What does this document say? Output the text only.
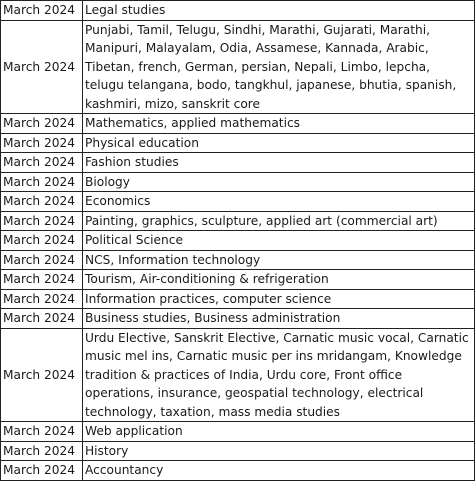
March 2024	Legal studies
March 2024	Punjabi, Tamil, Telugu, Sindhi, Marathi, Gujarati, Marathi, Manipuri, Malayalam, Odia, Assamese, Kannada, Arabic, Tibetan, french, German, persian, Nepali, Limbo, lepcha, telugu telangana, bodo, tangkhul, japanese, bhutia, spanish, kashmiri, mizo, sanskrit core
March 2024	Mathematics, applied mathematics
March 2024	Physical education
March 2024	Fashion studies
March 2024	Biology
March 2024	Economics
March 2024	Painting, graphics, sculpture, applied art (commercial art)
March 2024	Political Science
March 2024	NCS, Information technology
March 2024	Tourism, Air-conditioning & refrigeration
March 2024	Information practices, computer science
March 2024	Business studies, Business administration
March 2024	Urdu Elective, Sanskrit Elective, Carnatic music vocal, Carnatic music mel ins, Carnatic music per ins mridangam, Knowledge tradition & practices of India, Urdu core, Front office operations, insurance, geospatial technology, electrical technology, taxation, mass media studies
March 2024	Web application
March 2024	History
March 2024	Accountancy
